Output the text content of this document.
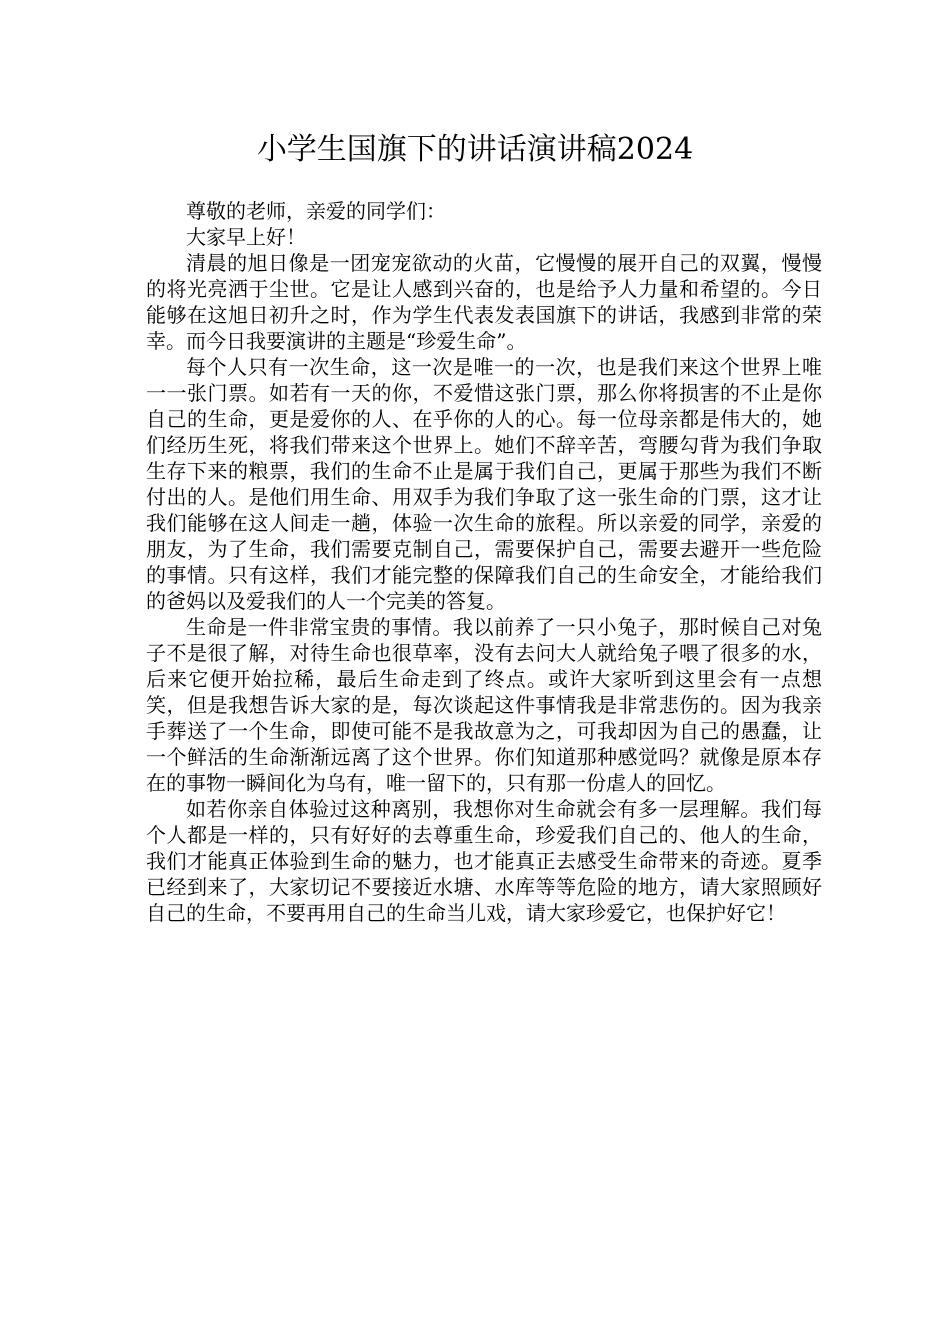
小学生国旗下的讲话演讲稿2024

尊敬的老师，亲爱的同学们：

大家早上好！

清晨的旭日像是一团宠宠欲动的火苗，它慢慢的展开自己的双翼，慢慢的将光亮洒于尘世。它是让人感到兴奋的，也是给予人力量和希望的。今日能够在这旭日初升之时，作为学生代表发表国旗下的讲话，我感到非常的荣幸。而今日我要演讲的主题是“珍爱生命”。

每个人只有一次生命，这一次是唯一的一次，也是我们来这个世界上唯一一张门票。如若有一天的你，不爱惜这张门票，那么你将损害的不止是你自己的生命，更是爱你的人、在乎你的人的心。每一位母亲都是伟大的，她们经历生死，将我们带来这个世界上。她们不辞辛苦，弯腰勾背为我们争取生存下来的粮票，我们的生命不止是属于我们自己，更属于那些为我们不断付出的人。是他们用生命、用双手为我们争取了这一张生命的门票，这才让我们能够在这人间走一趟，体验一次生命的旅程。所以亲爱的同学，亲爱的朋友，为了生命，我们需要克制自己，需要保护自己，需要去避开一些危险的事情。只有这样，我们才能完整的保障我们自己的生命安全，才能给我们的爸妈以及爱我们的人一个完美的答复。

生命是一件非常宝贵的事情。我以前养了一只小兔子，那时候自己对兔子不是很了解，对待生命也很草率，没有去问大人就给兔子喂了很多的水，后来它便开始拉稀，最后生命走到了终点。或许大家听到这里会有一点想笑，但是我想告诉大家的是，每次谈起这件事情我是非常悲伤的。因为我亲手葬送了一个生命，即使可能不是我故意为之，可我却因为自己的愚蠢，让一个鲜活的生命渐渐远离了这个世界。你们知道那种感觉吗？就像是原本存在的事物一瞬间化为乌有，唯一留下的，只有那一份虐人的回忆。

如若你亲自体验过这种离别，我想你对生命就会有多一层理解。我们每个人都是一样的，只有好好的去尊重生命，珍爱我们自己的、他人的生命，我们才能真正体验到生命的魅力，也才能真正去感受生命带来的奇迹。夏季已经到来了，大家切记不要接近水塘、水库等等危险的地方，请大家照顾好自己的生命，不要再用自己的生命当儿戏，请大家珍爱它，也保护好它！
